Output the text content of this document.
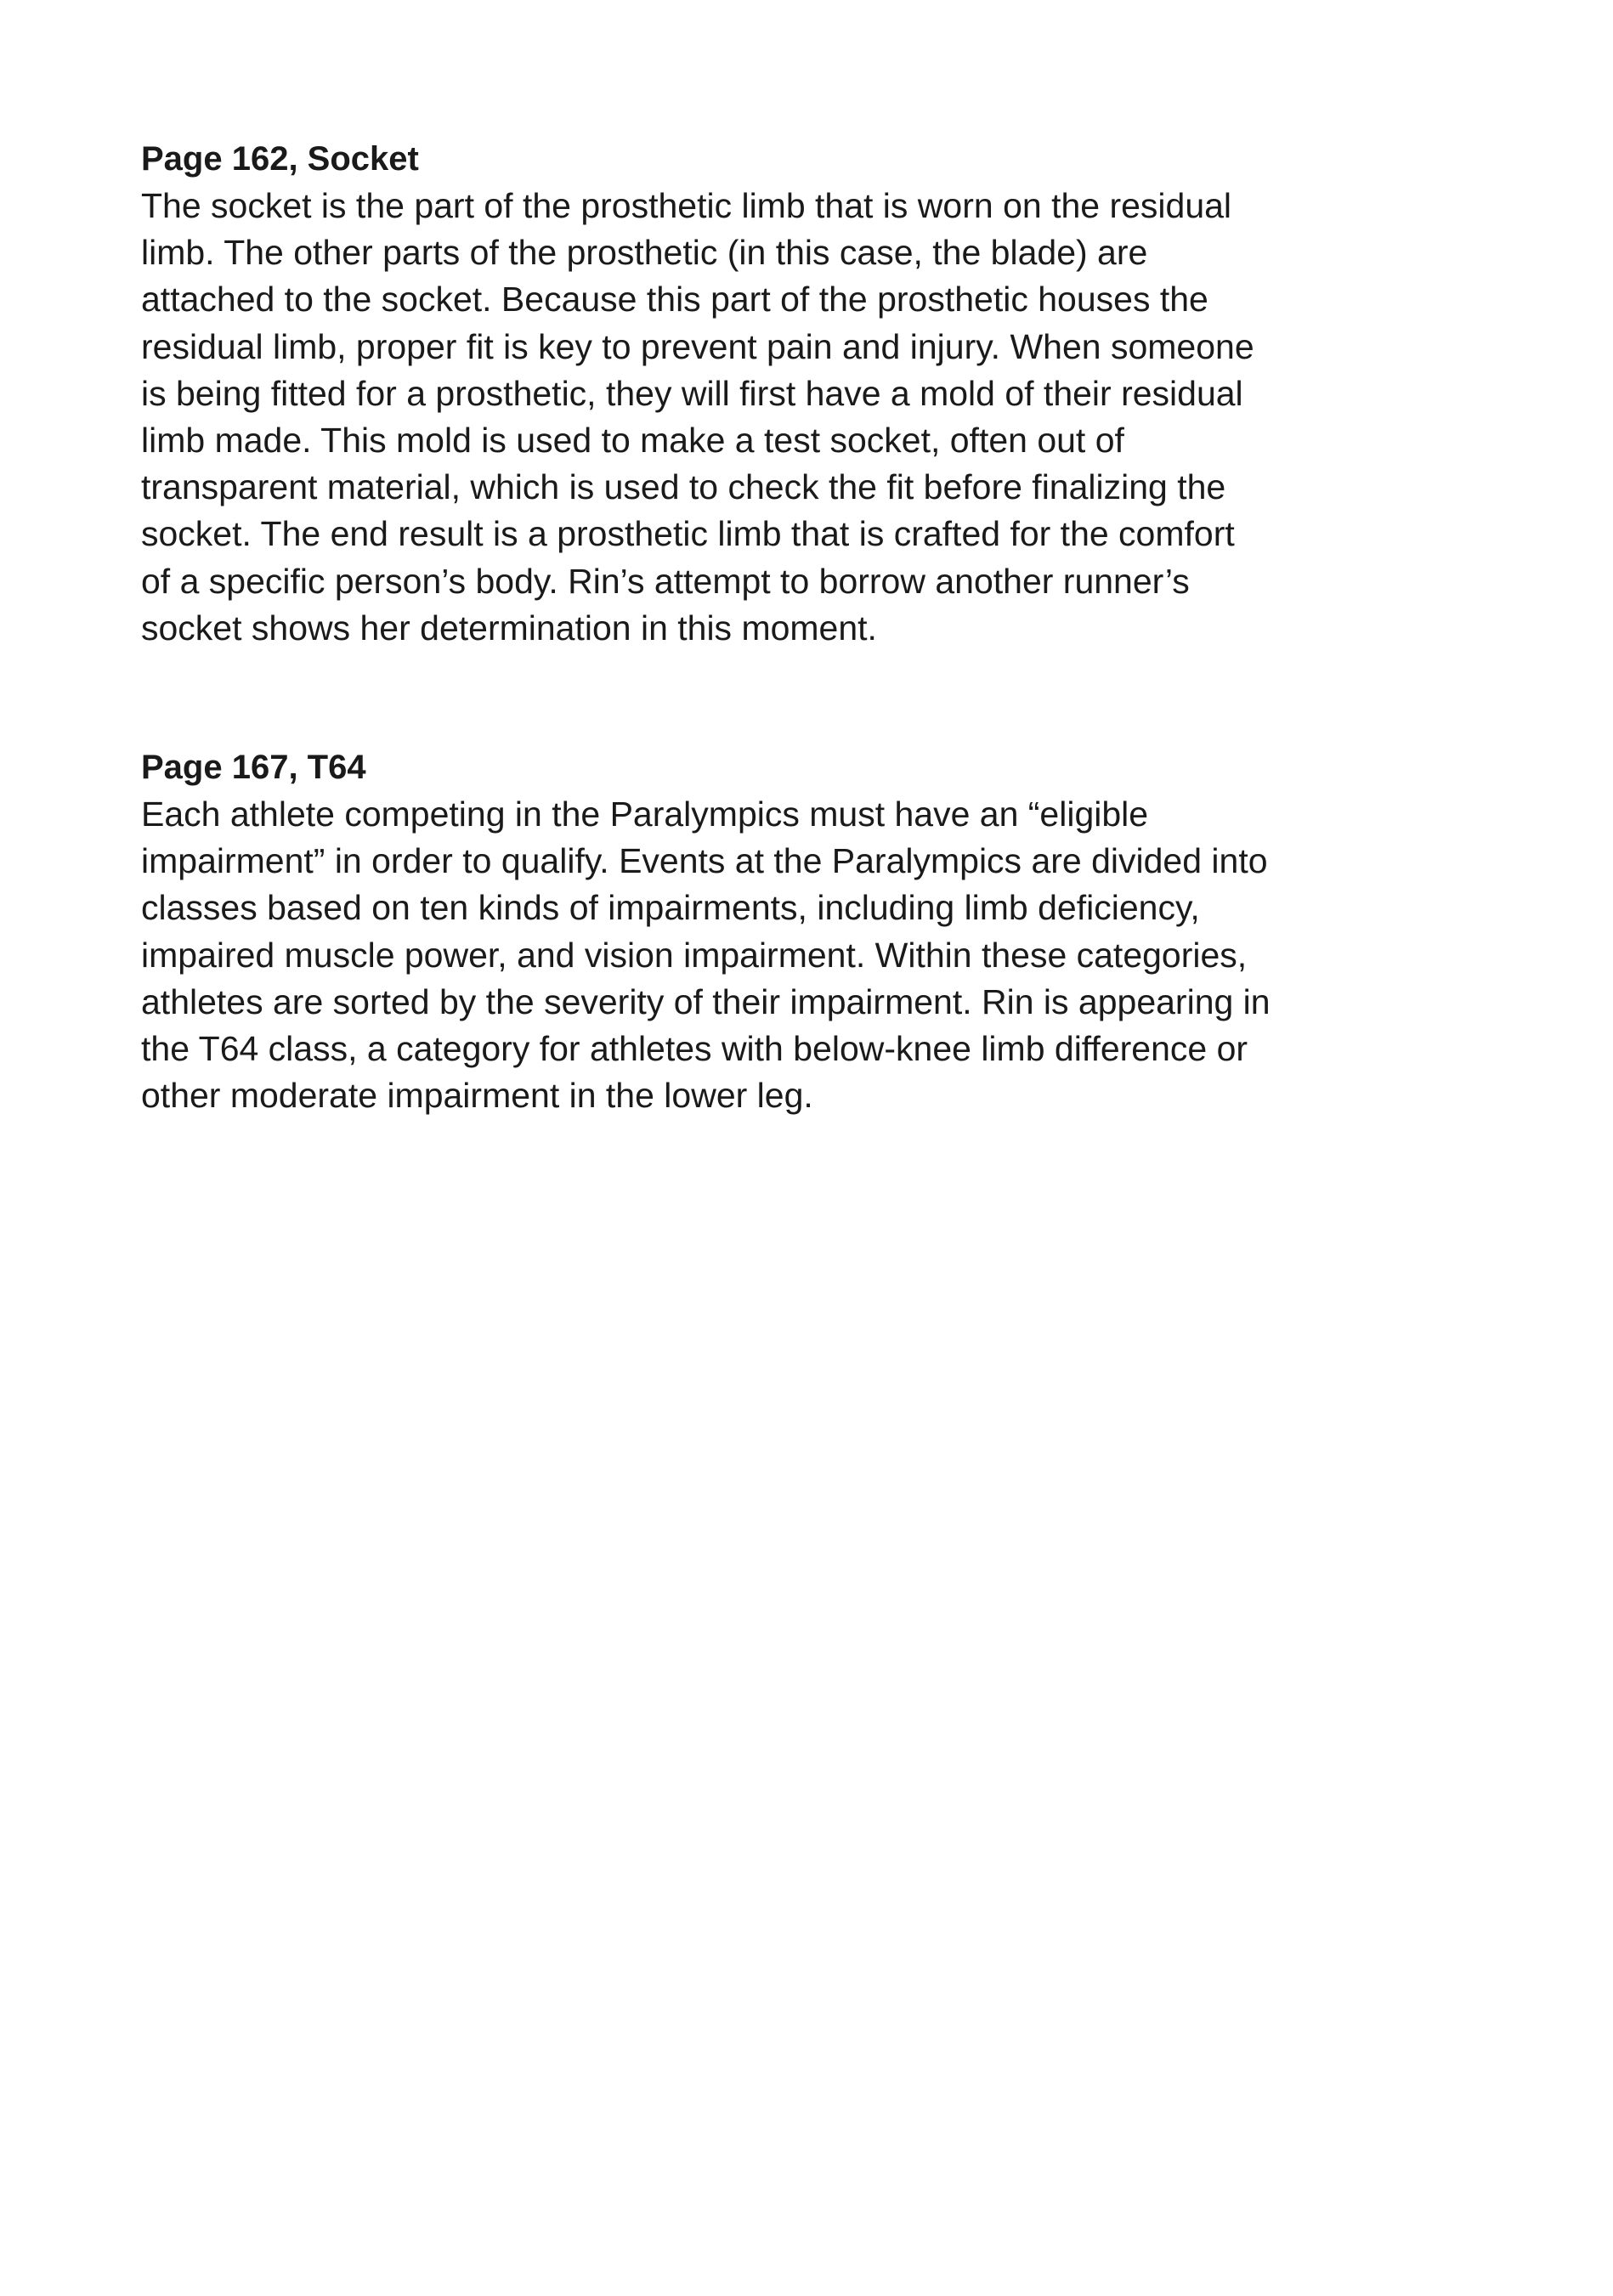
Page 162, Socket
The socket is the part of the prosthetic limb that is worn on the residual
limb. The other parts of the prosthetic (in this case, the blade) are
attached to the socket. Because this part of the prosthetic houses the
residual limb, proper fit is key to prevent pain and injury. When someone
is being fitted for a prosthetic, they will first have a mold of their residual
limb made. This mold is used to make a test socket, often out of
transparent material, which is used to check the fit before finalizing the
socket. The end result is a prosthetic limb that is crafted for the comfort
of a specific person’s body. Rin’s attempt to borrow another runner’s
socket shows her determination in this moment.
Page 167, T64
Each athlete competing in the Paralympics must have an “eligible
impairment” in order to qualify. Events at the Paralympics are divided into
classes based on ten kinds of impairments, including limb deficiency,
impaired muscle power, and vision impairment. Within these categories,
athletes are sorted by the severity of their impairment. Rin is appearing in
the T64 class, a category for athletes with below-knee limb difference or
other moderate impairment in the lower leg.
